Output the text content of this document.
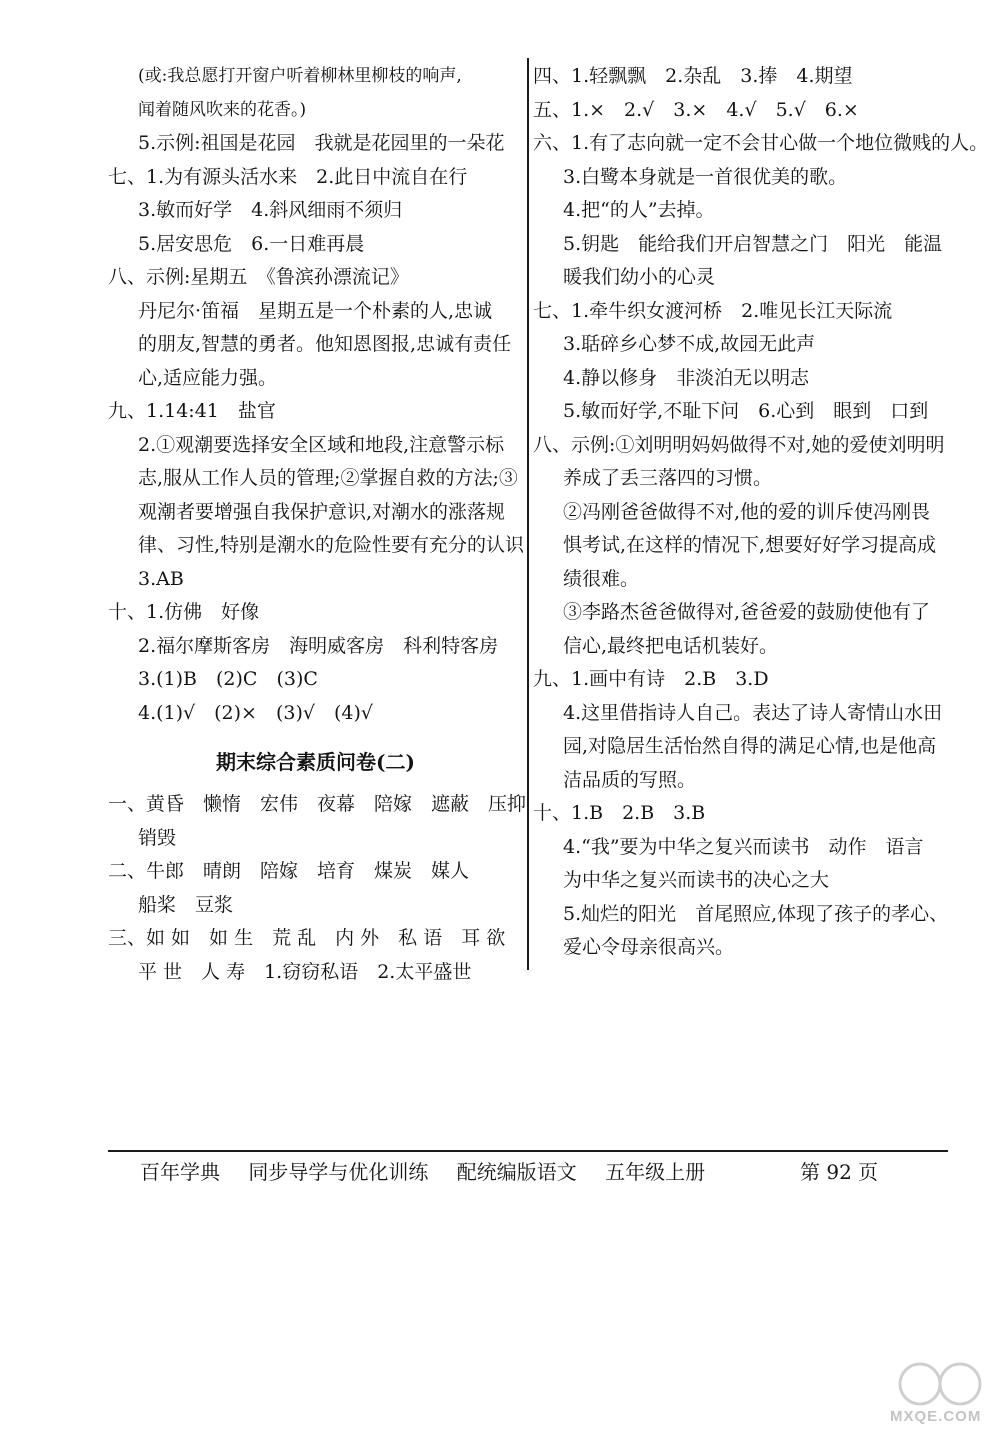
(或:我总愿打开窗户听着柳林里柳枝的响声,
闻着随风吹来的花香。)
5.示例:祖国是花园　我就是花园里的一朵花
七、1.为有源头活水来　2.此日中流自在行
3.敏而好学　4.斜风细雨不须归
5.居安思危　6.一日难再晨
八、示例:星期五　《鲁滨孙漂流记》
丹尼尔·笛福　星期五是一个朴素的人,忠诚
的朋友,智慧的勇者。他知恩图报,忠诚有责任
心,适应能力强。
九、1.14:41　盐官
2.①观潮要选择安全区域和地段,注意警示标
志,服从工作人员的管理;②掌握自救的方法;③
观潮者要增强自我保护意识,对潮水的涨落规
律、习性,特别是潮水的危险性要有充分的认识
3.AB
十、1.仿佛　好像
2.福尔摩斯客房　海明威客房　科利特客房
3.(1)B　(2)C　(3)C
4.(1)√　(2)×　(3)√　(4)√
期末综合素质问卷(二)
一、黄昏　懒惰　宏伟　夜幕　陪嫁　遮蔽　压抑
销毁
二、牛郎　晴朗　陪嫁　培育　煤炭　媒人
船桨　豆浆
三、如 如　如 生　荒 乱　内 外　私 语　耳 欲
平 世　人 寿　1.窃窃私语　2.太平盛世
四、1.轻飘飘　2.杂乱　3.捧　4.期望
五、1.×　2.√　3.×　4.√　5.√　6.×
六、1.有了志向就一定不会甘心做一个地位微贱的人。
3.白鹭本身就是一首很优美的歌。
4.把“的人”去掉。
5.钥匙　能给我们开启智慧之门　阳光　能温
暖我们幼小的心灵
七、1.牵牛织女渡河桥　2.唯见长江天际流
3.聒碎乡心梦不成,故园无此声
4.静以修身　非淡泊无以明志
5.敏而好学,不耻下问　6.心到　眼到　口到
八、示例:①刘明明妈妈做得不对,她的爱使刘明明
养成了丢三落四的习惯。
②冯刚爸爸做得不对,他的爱的训斥使冯刚畏
惧考试,在这样的情况下,想要好好学习提高成
绩很难。
③李路杰爸爸做得对,爸爸爱的鼓励使他有了
信心,最终把电话机装好。
九、1.画中有诗　2.B　3.D
4.这里借指诗人自己。表达了诗人寄情山水田
园,对隐居生活怡然自得的满足心情,也是他高
洁品质的写照。
十、1.B　2.B　3.B
4.“我”要为中华之复兴而读书　动作　语言
为中华之复兴而读书的决心之大
5.灿烂的阳光　首尾照应,体现了孩子的孝心、
爱心令母亲很高兴。
百年学典 同步导学与优化训练 配统编版语文 五年级上册	第 92 页
MXQE.COM
